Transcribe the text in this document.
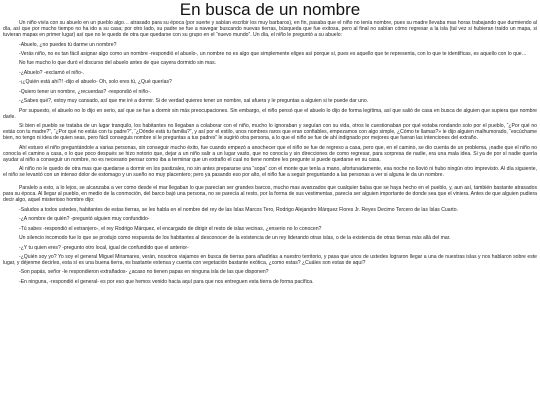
En busca de un nombre

Un niño vivía con su abuelo en un pueblo algo… atrasado para su época (por suerte y sabían escribir los muy barbaros), en fin, pasaba que el niño no tenía nombre, pues su madre llevaba mas horas trabajando que durmiendo al día, así que por mucho tiempo no ha ido a su casa; por otro lado, su padre se fue a navegar buscando nuevas tierras, búsqueda que fue exitosa, pero al final no sabían cómo regresar a la isla (tal vez si hubieran traído un mapa, si tuvieran mapas en primer lugar) así que no le quedo de otra que quedarse con su grupo en el “nuevo mundo”. Un día, el niño le preguntó a su abuelo:

-Abuelo, ¿no puedes tú darme un nombre?

-Verás niño, no es tan fácil asignar algo como un nombre -respondió el abuelo-, un nombre no es algo que simplemente eliges así porque si, pues es aquello que te representa, con lo que te identificas, es aquello con lo que…

No fue mucho lo que duró el discurso del abuelo antes de que cayera dormido sin mas.

-¿Abuelo? -exclamó el niño-.

-¡¿Quién está ahí?! -dijo el abuelo- Oh, solo eres tú, ¿Qué querías?

-Quiero tener un nombre, ¿recuerdas? -respondió el niño-.

-¿Sabes qué?, estoy muy cansado, así que me iré a dormir. Si de verdad quieres tener un nombre, sal afuera y le preguntas a alguien si te puede dar uno.

Por supuesto, el abuelo no lo dijo en serio, así que se fue a dormir sin más preocupaciones. Sin embargo, el niño pensó que el abuelo lo dijo de forma legítima, así que salió de casa en busca de alguien que supiera que nombre darle.

Si bien el pueblo se trataba de un lugar tranquilo, los habitantes no llegaban a colaborar con el niño, mucho lo ignoraban y seguían con su vida, otros le cuestionaban por qué estaba rondando solo por el pueblo, “¿Por qué no estás con tu madre?”, “¿Por qué no estás con tu padre?”, “¿Dónde está tu familia?”, y así por el estilo, unos nombres raros que eran confiables, empezamos con algo simple, ¿Cómo te llamas?» le dijo alguien malhumorado, “escúchame bien, no tengo ni idea de quien seas, pero fácil conseguis nombre si le preguntas a tus padres” le sugirió otra persona, a lo que el niño se fue de ahí indignado por mejores que fueran las intenciones del extraño.

Ahí estuvo el niño preguntándole a varias personas, sin conseguir mucho éxito, fue cuando empezó a anochecer que el niño se fue de regreso a casa, pero que, en el camino, se dio cuenta de un problema, ¡nadie que el niño no conocía el camino a casa, o lo que poco después se hizo notorio que, dejar a un niño salir a un lugar vasto, que no conocía y sin direcciones de como regresar, para sorpresa de nadie, era una mala idea. Si ya de por sí nadie quería ayudar al niño a conseguir un nombre, no es necesario pensar como iba a terminar que un extraño el cual no tiene nombre les pregunte si puede quedarse en su casa.

Al niño no le quedo de otra mas que quedarse a dormir en los pastizales, no sin antes prepararse una “sopa” con el monte que tenía a mano, afortunadamente, esa noche no llovió ni hubo ningún otro imprevisto. Al día siguiente, el niño se levantó con un intenso dolor de estomago y un sueño no muy placentero; pero ya pasando eso por alto, el niño fue a seguir preguntando a las personas a ver si alguna le da un nombre.

Paralelo a esto, a lo lejos, se alcanzaba a ver como desde el mar llegaban lo que parecían ser grandes barcos, mucho mas avanzados que cualquier balsa que se haya hecho en el pueblo, y, aun así, también bastante atrasados para su época. Al llegar al pueblo, en medio de la conmoción, del barco bajó una persona, no se parecía al resto, por la forma de sus vestimentas, parecía ser alguien importante de donde sea que el viniera. Antes de que alguien pudiera decir algo, aquel misterioso hombre dijo:

-Saludos a todos ustedes, habitantes de estas tierras, se les habla en el nombre del rey de las Islas Marcos Tero, Rodrigo Alejandro Márquez Flores Jr. Reyes Decimo Tercero de las Islas Cuarto.

-¿A nombre de quién? -preguntó alguien muy confundido-

-Tú sabes -respondió el extranjero-, el rey Rodrigo Márquez, el encargado de dirigir el resto de islas vecinas, ¿enserio no lo conocen?

Un silencio incomodo fue lo que se produjo como respuesta de los habitantes al desconocer de la existencia de un rey liderando otras islas, o de la existencia de otras tierras más allá del mar.

-¿Y tu quien eres? -pregunto otro local, igual de confundido que el anterior-

-¿Quién soy yo? Yo soy el general Miguel Miramares, verán, nosotros viajamos en busca de tierras para añadirlas a nuestro territorio, y pasa que unos de ustedes lograron llegar a una de nuestras islas y nos hablaron sobre este lugar, y déjenme decirles, esta sí es una buena tierra, es bastante extensa y cuenta con vegetación bastante exótica, ¿como estas? ¿Cuáles son estas de aquí?

-Son papás, señor -le respondieron extrañados- ¿acaso no tienen papas en ninguna isla de las que disponen?

-En ninguna, -respondió el general- es por eso que hemos venido hacia aquí para que nos entreguen esta tierra de forma pacífica.
